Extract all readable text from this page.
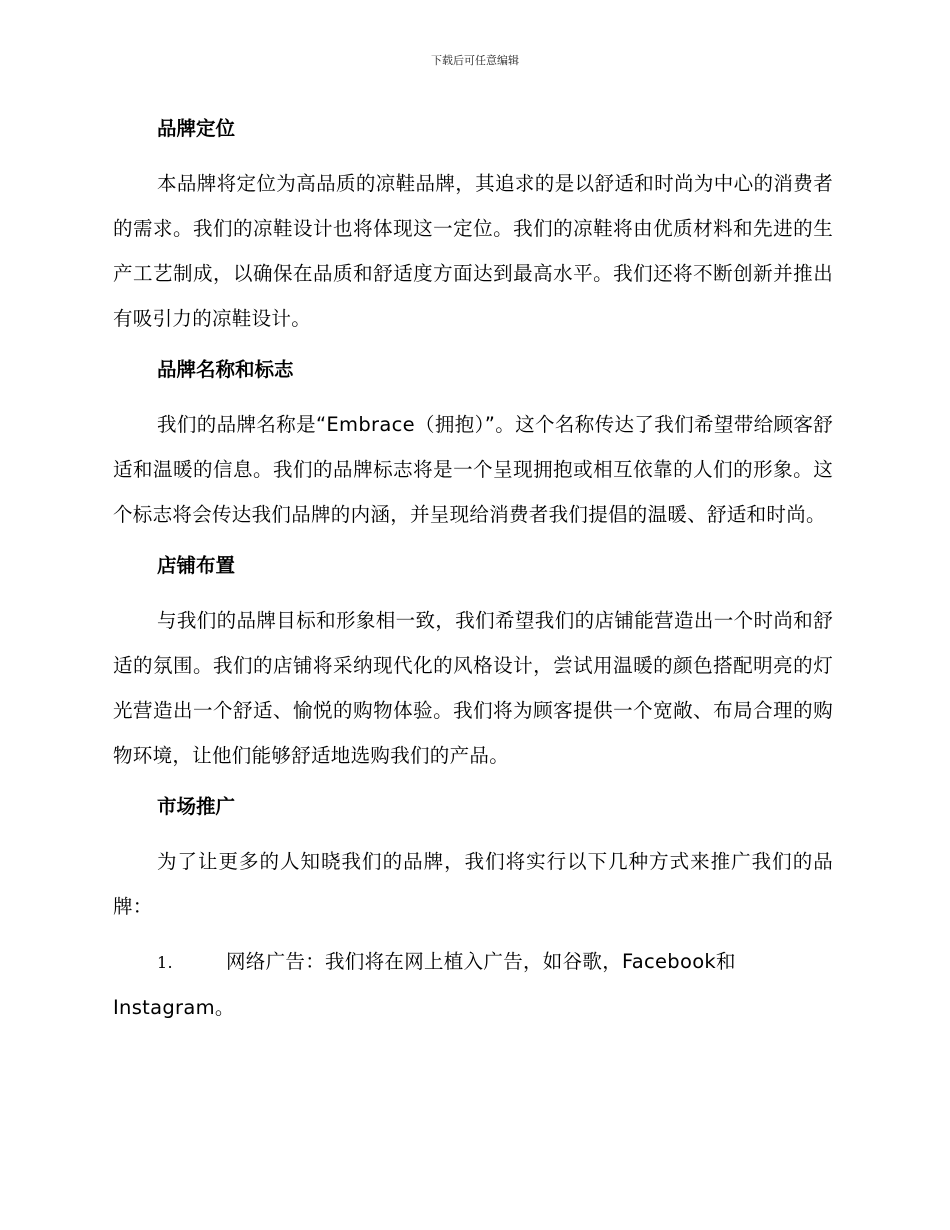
下载后可任意编辑
品牌定位

本品牌将定位为高品质的凉鞋品牌，其追求的是以舒适和时尚为中心的消费者的需求。我们的凉鞋设计也将体现这一定位。我们的凉鞋将由优质材料和先进的生产工艺制成，以确保在品质和舒适度方面达到最高水平。我们还将不断创新并推出有吸引力的凉鞋设计。

品牌名称和标志

我们的品牌名称是“Embrace（拥抱）”。这个名称传达了我们希望带给顾客舒适和温暖的信息。我们的品牌标志将是一个呈现拥抱或相互依靠的人们的形象。这个标志将会传达我们品牌的内涵，并呈现给消费者我们提倡的温暖、舒适和时尚。

店铺布置

与我们的品牌目标和形象相一致，我们希望我们的店铺能营造出一个时尚和舒适的氛围。我们的店铺将采纳现代化的风格设计，尝试用温暖的颜色搭配明亮的灯光营造出一个舒适、愉悦的购物体验。我们将为顾客提供一个宽敞、布局合理的购物环境，让他们能够舒适地选购我们的产品。

市场推广

为了让更多的人知晓我们的品牌，我们将实行以下几种方式来推广我们的品牌：

1.	网络广告：我们将在网上植入广告，如谷歌，Facebook和Instagram。
